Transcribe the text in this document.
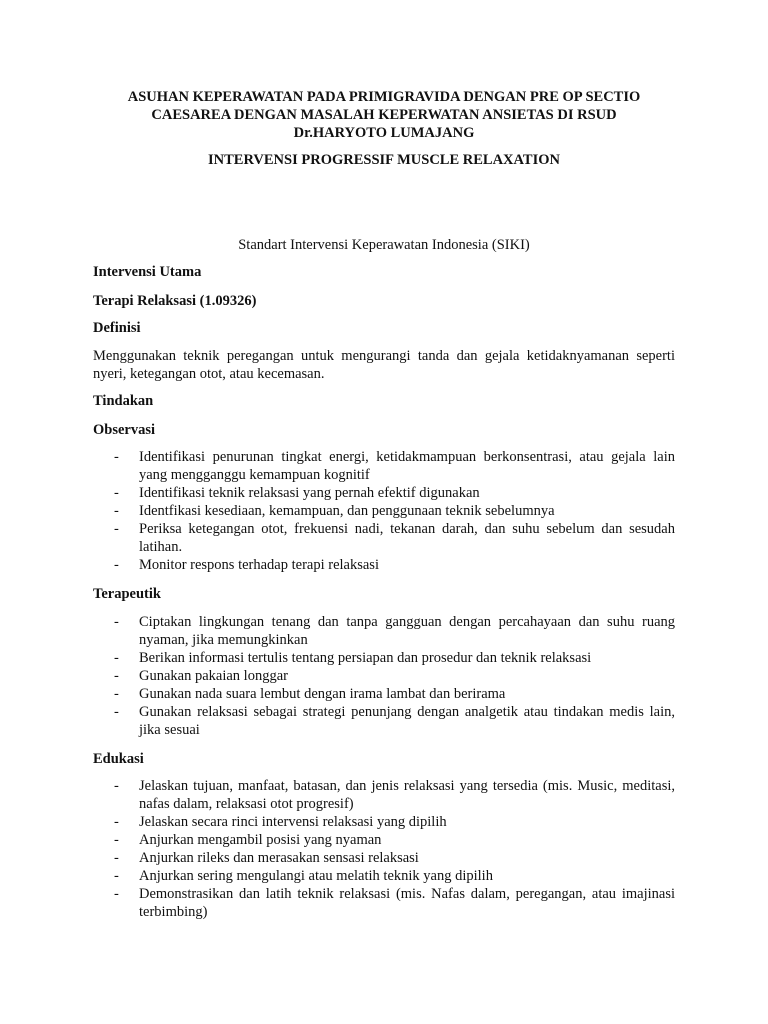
ASUHAN KEPERAWATAN PADA PRIMIGRAVIDA DENGAN PRE OP SECTIO
CAESAREA DENGAN MASALAH KEPERWATAN ANSIETAS DI RSUD
Dr.HARYOTO LUMAJANG
INTERVENSI PROGRESSIF MUSCLE RELAXATION
Standart Intervensi Keperawatan Indonesia (SIKI)
Intervensi Utama
Terapi Relaksasi (1.09326)
Definisi
Menggunakan teknik peregangan untuk mengurangi tanda dan gejala ketidaknyamanan seperti nyeri, ketegangan otot, atau kecemasan.
Tindakan
Observasi
- Identifikasi penurunan tingkat energi, ketidakmampuan berkonsentrasi, atau gejala lain yang mengganggu kemampuan kognitif
- Identifikasi teknik relaksasi yang pernah efektif digunakan
- Identfikasi kesediaan, kemampuan, dan penggunaan teknik sebelumnya
- Periksa ketegangan otot, frekuensi nadi, tekanan darah, dan suhu sebelum dan sesudah latihan.
- Monitor respons terhadap terapi relaksasi
Terapeutik
- Ciptakan lingkungan tenang dan tanpa gangguan dengan percahayaan dan suhu ruang nyaman, jika memungkinkan
- Berikan informasi tertulis tentang persiapan dan prosedur dan teknik relaksasi
- Gunakan pakaian longgar
- Gunakan nada suara lembut dengan irama lambat dan berirama
- Gunakan relaksasi sebagai strategi penunjang dengan analgetik atau tindakan medis lain, jika sesuai
Edukasi
- Jelaskan tujuan, manfaat, batasan, dan jenis relaksasi yang tersedia (mis. Music, meditasi, nafas dalam, relaksasi otot progresif)
- Jelaskan secara rinci intervensi relaksasi yang dipilih
- Anjurkan mengambil posisi yang nyaman
- Anjurkan rileks dan merasakan sensasi relaksasi
- Anjurkan sering mengulangi atau melatih teknik yang dipilih
- Demonstrasikan dan latih teknik relaksasi (mis. Nafas dalam, peregangan, atau imajinasi terbimbing)
